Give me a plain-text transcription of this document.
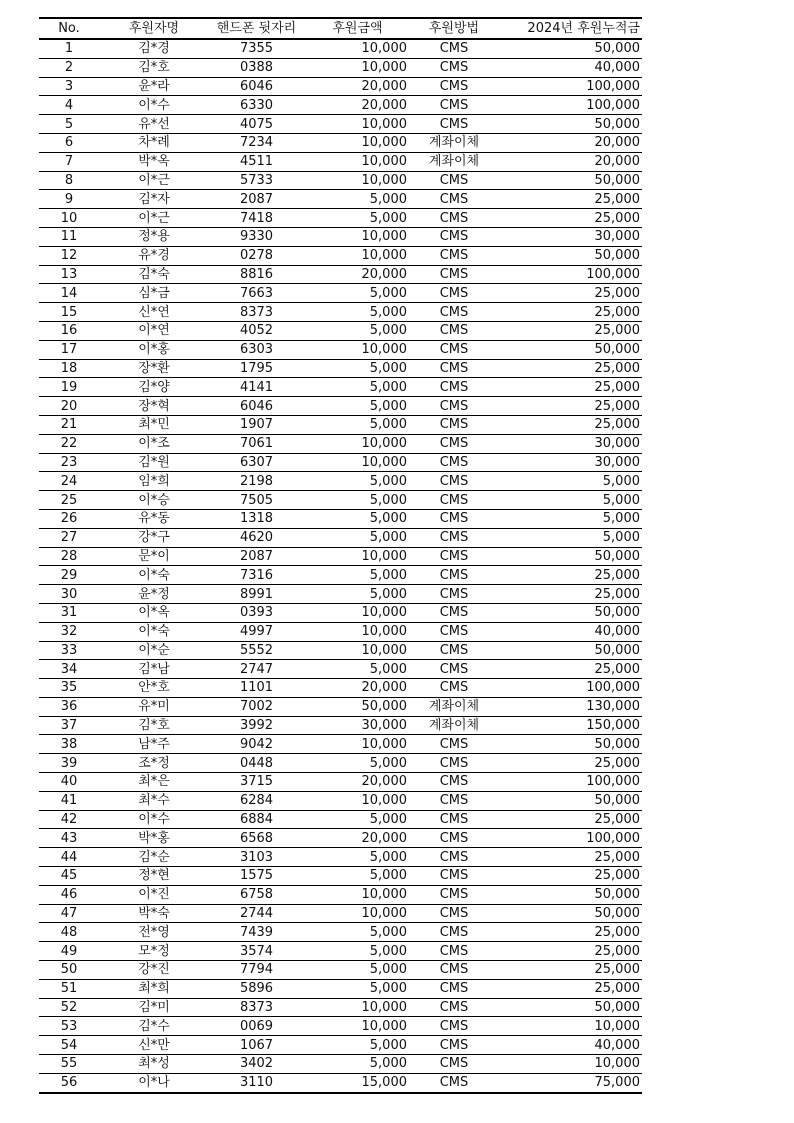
No.	후원자명	핸드폰 뒷자리	후원금액	후원방법	2024년 후원누적금
1	김*경	7355	10,000	CMS	50,000
2	김*호	0388	10,000	CMS	40,000
3	윤*라	6046	20,000	CMS	100,000
4	이*수	6330	20,000	CMS	100,000
5	유*선	4075	10,000	CMS	50,000
6	차*례	7234	10,000	계좌이체	20,000
7	박*옥	4511	10,000	계좌이체	20,000
8	이*근	5733	10,000	CMS	50,000
9	김*자	2087	5,000	CMS	25,000
10	이*근	7418	5,000	CMS	25,000
11	정*용	9330	10,000	CMS	30,000
12	유*경	0278	10,000	CMS	50,000
13	김*숙	8816	20,000	CMS	100,000
14	심*금	7663	5,000	CMS	25,000
15	신*연	8373	5,000	CMS	25,000
16	이*연	4052	5,000	CMS	25,000
17	이*홍	6303	10,000	CMS	50,000
18	장*환	1795	5,000	CMS	25,000
19	김*양	4141	5,000	CMS	25,000
20	장*혁	6046	5,000	CMS	25,000
21	최*민	1907	5,000	CMS	25,000
22	이*조	7061	10,000	CMS	30,000
23	김*원	6307	10,000	CMS	30,000
24	임*희	2198	5,000	CMS	5,000
25	이*승	7505	5,000	CMS	5,000
26	유*동	1318	5,000	CMS	5,000
27	강*구	4620	5,000	CMS	5,000
28	문*이	2087	10,000	CMS	50,000
29	이*숙	7316	5,000	CMS	25,000
30	윤*정	8991	5,000	CMS	25,000
31	이*옥	0393	10,000	CMS	50,000
32	이*숙	4997	10,000	CMS	40,000
33	이*순	5552	10,000	CMS	50,000
34	김*남	2747	5,000	CMS	25,000
35	안*호	1101	20,000	CMS	100,000
36	유*미	7002	50,000	계좌이체	130,000
37	김*호	3992	30,000	계좌이체	150,000
38	남*주	9042	10,000	CMS	50,000
39	조*정	0448	5,000	CMS	25,000
40	최*은	3715	20,000	CMS	100,000
41	최*수	6284	10,000	CMS	50,000
42	이*수	6884	5,000	CMS	25,000
43	박*홍	6568	20,000	CMS	100,000
44	김*순	3103	5,000	CMS	25,000
45	정*현	1575	5,000	CMS	25,000
46	이*진	6758	10,000	CMS	50,000
47	박*숙	2744	10,000	CMS	50,000
48	전*영	7439	5,000	CMS	25,000
49	모*정	3574	5,000	CMS	25,000
50	강*진	7794	5,000	CMS	25,000
51	최*희	5896	5,000	CMS	25,000
52	김*미	8373	10,000	CMS	50,000
53	김*수	0069	10,000	CMS	10,000
54	신*만	1067	5,000	CMS	40,000
55	최*성	3402	5,000	CMS	10,000
56	이*나	3110	15,000	CMS	75,000
